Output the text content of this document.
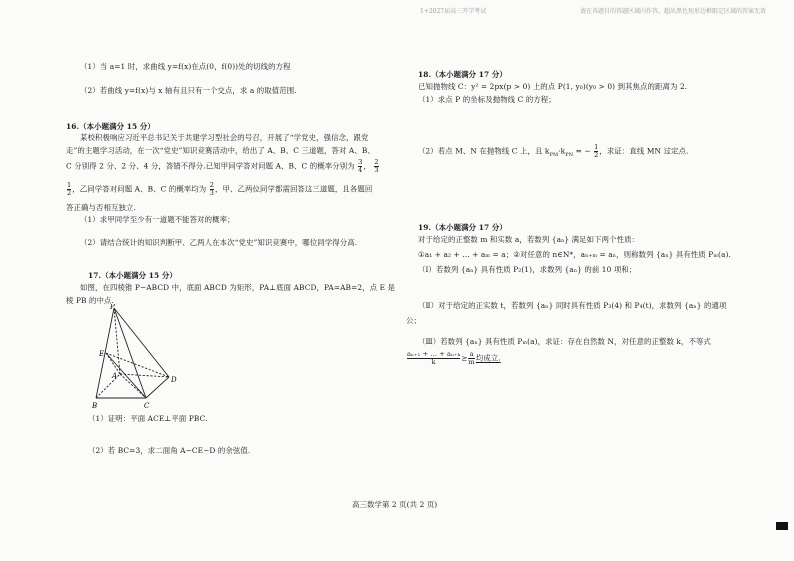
1+2027届高三开学考试	请在各题目的答题区域内作答，超出黑色矩形边框限定区域的答案无效
（1）当 a=1 时，求曲线 y=f(x)在点(0，f(0))处的切线的方程
（2）若曲线 y=f(x)与 x 轴有且只有一个交点，求 a 的取值范围.
16.（本小题满分 15 分）
某校积极响应习近平总书记关于共建学习型社会的号召，开展了“学党史，强信念，跟党
走”的主题学习活动，在一次“党史”知识竞赛活动中，给出了 A、B、C 三道题，答对 A、B、
C 分别得 2 分、2 分、4 分，答错不得分.已知甲同学答对问题 A、B、C 的概率分别为 $\frac{3}{4}$ ， $\frac{2}{3}$
$\frac{1}{2}$ ，乙同学答对问题 A、B、C 的概率均为 $\frac{2}{3}$ ，甲、乙两位同学都需回答这三道题，且各题回
答正确与否相互独立.
（1）求甲同学至少有一道题不能答对的概率；
（2）请结合统计的知识判断甲、乙两人在本次“党史”知识竞赛中，哪位同学得分高.
17.（本小题满分 15 分）
如图，在四棱锥 P−ABCD 中，底面 ABCD 为矩形，PA⊥底面 ABCD，PA=AB=2，点 E 是
棱 PB 的中点.
P
E
A	D
B	C
（1）证明：平面 ACE⊥平面 PBC.
（2）若 BC=3，求二面角 A−CE−D 的余弦值.
18.（本小题满分 17 分）
已知抛物线 C：y² = 2px(p > 0) 上的点 P(1, y₀)(y₀ > 0) 到其焦点的距离为 2.
（1）求点 P 的坐标及抛物线 C 的方程；
（2）若点 M、N 在抛物线 C 上，且 $k_{PM}\cdot k_{PN}$ = − $\frac{1}{2}$ ，求证：直线 MN 过定点.
19.（本小题满分 17 分）
对于给定的正整数 m 和实数 a，若数列 {aₙ} 满足如下两个性质：
①a₁ + a₂ + … + aₘ = a；②对任意的 n∈N*，aₙ₊ₘ = aₙ，则称数列 {aₙ} 具有性质 Pₘ(a).
（Ⅰ）若数列 {aₙ} 具有性质 P₂(1)，求数列 {aₙ} 的前 10 项和；
（Ⅱ）对于给定的正实数 t，若数列 {aₙ} 同时具有性质 P₃(4) 和 P₄(t)，求数列 {aₙ} 的通项
公；
（Ⅲ）若数列 {aₙ} 具有性质 Pₘ(a)，求证：存在自然数 N，对任意的正整数 k，不等式
$\frac{\text{aₙ₊₁ + … + aₙ₊ₖ}}{k} \ge \frac{a}{m}$ 均成立.
高三数学第 2 页(共 2 页)
